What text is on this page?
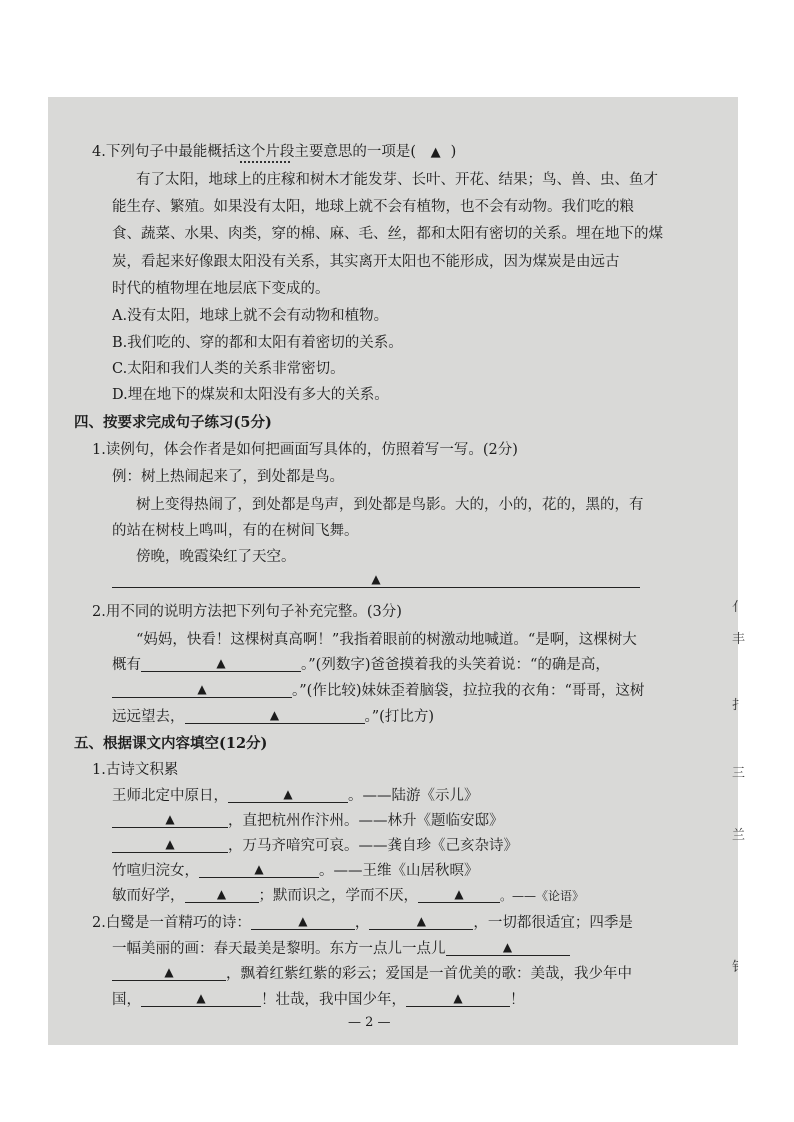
4.下列句子中最能概括这个片段主要意思的一项是( ▲ )
有了太阳，地球上的庄稼和树木才能发芽、长叶、开花、结果；鸟、兽、虫、鱼才
能生存、繁殖。如果没有太阳，地球上就不会有植物，也不会有动物。我们吃的粮
食、蔬菜、水果、肉类，穿的棉、麻、毛、丝，都和太阳有密切的关系。埋在地下的煤
炭，看起来好像跟太阳没有关系，其实离开太阳也不能形成，因为煤炭是由远古
时代的植物埋在地层底下变成的。
A.没有太阳，地球上就不会有动物和植物。
B.我们吃的、穿的都和太阳有着密切的关系。
C.太阳和我们人类的关系非常密切。
D.埋在地下的煤炭和太阳没有多大的关系。
四、按要求完成句子练习(5分)
1.读例句，体会作者是如何把画面写具体的，仿照着写一写。(2分)
例：树上热闹起来了，到处都是鸟。
树上变得热闹了，到处都是鸟声，到处都是鸟影。大的，小的，花的，黑的，有
的站在树枝上鸣叫，有的在树间飞舞。
傍晚，晚霞染红了天空。
▲
2.用不同的说明方法把下列句子补充完整。(3分)
“妈妈，快看！这棵树真高啊！”我指着眼前的树激动地喊道。“是啊，这棵树大
概有	▲	。”(列数字)爸爸摸着我的头笑着说：“的确是高，
▲	。”(作比较)妹妹歪着脑袋，拉拉我的衣角：“哥哥，这树
远远望去，	▲	。”(打比方)
五、根据课文内容填空(12分)
1.古诗文积累
王师北定中原日，	▲	。——陆游《示儿》
▲	，直把杭州作汴州。——林升《题临安邸》
▲	，万马齐喑究可哀。——龚自珍《己亥杂诗》
竹喧归浣女，	▲	。——王维《山居秋暝》
敏而好学，	▲ ；默而识之，学而不厌，	▲	。——《论语》
2.白鹭是一首精巧的诗：	▲	，	▲	，一切都很适宜；四季是
一幅美丽的画：春天最美是黎明。东方一点儿一点儿	▲
▲	，飘着红紫红紫的彩云；爱国是一首优美的歌：美哉，我少年中
国，	▲	！壮哉，我中国少年，	▲	！
— 2 —
亻
丰
扌
三
兰
钅
